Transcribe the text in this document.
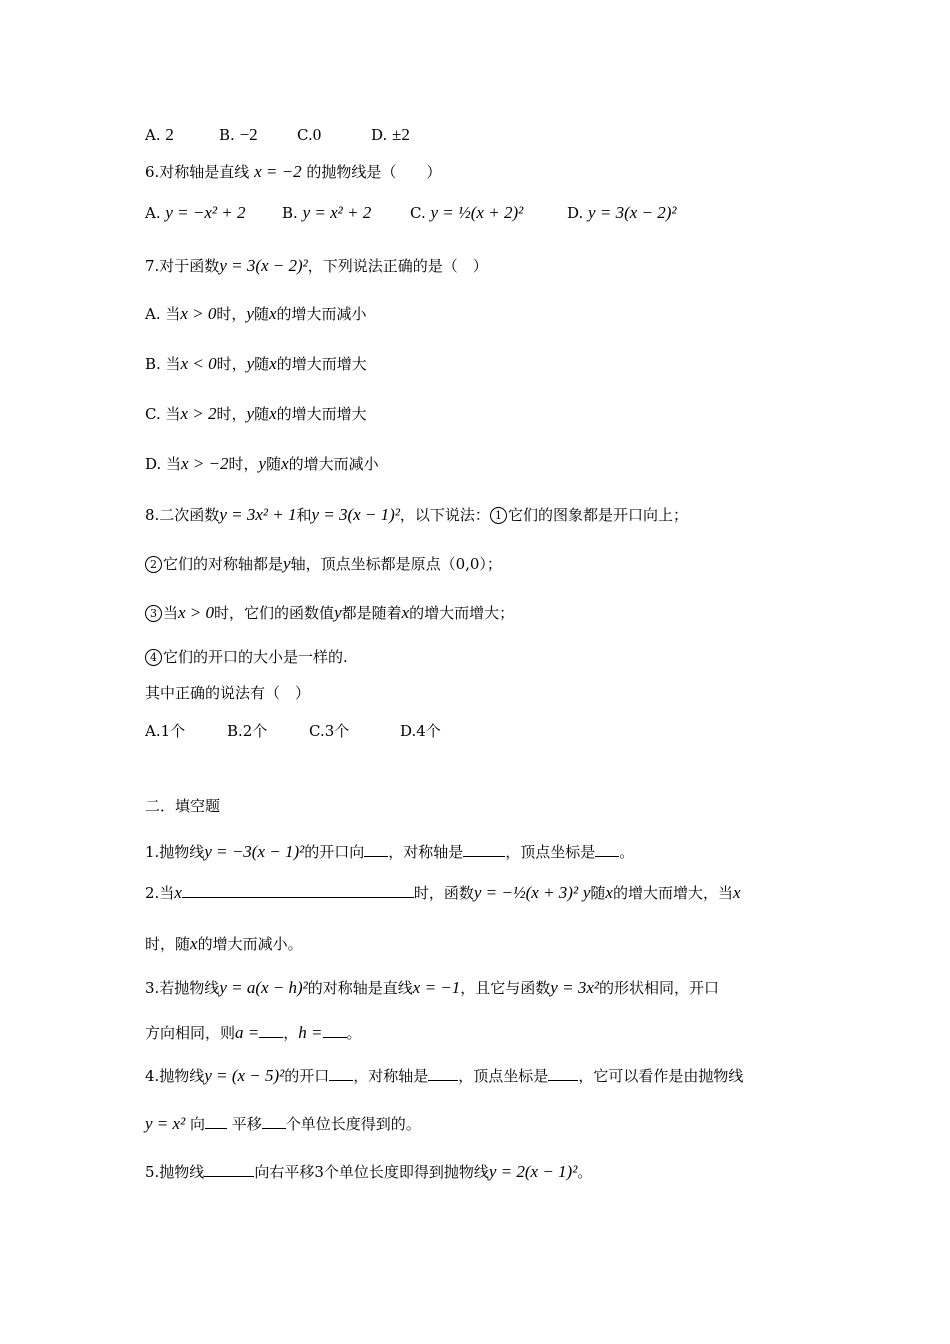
A. 2	B. −2	C.0	D. ±2
6.对称轴是直线 x = −2 的抛物线是（　　）
A. y = −x² + 2 B. y = x² + 2	C. y = ½(x + 2)²	D. y = 3(x − 2)²
7.对于函数y = 3(x − 2)²，下列说法正确的是（　）
A. 当x > 0时，y随x的增大而减小
B. 当x < 0时，y随x的增大而增大
C. 当x > 2时，y随x的增大而增大
D. 当x > −2时，y随x的增大而减小
8.二次函数y = 3x² + 1和y = 3(x − 1)²，以下说法： 1 它们的图象都是开口向上；
2 它们的对称轴都是y轴，顶点坐标都是原点（0,0）；
3 当x > 0时，它们的函数值y都是随着x的增大而增大；
4 它们的开口的大小是一样的.
其中正确的说法有（　）
A.1个	B.2个	C.3个	D.4个
二．填空题
1.抛物线y = −3(x − 1)²的开口向 ，对称轴是	，顶点坐标是 。
2.当x	时，函数y = −½(x + 3)² y随x的增大而增大，当x
时，随x的增大而减小。
3.若抛物线y = a(x − h)²的对称轴是直线x = −1，且它与函数y = 3x²的形状相同，开口
方向相同，则a = ，h = 。
4.抛物线y = (x − 5)²的开口 ，对称轴是 ，顶点坐标是 ，它可以看作是由抛物线
y = x² 向 平移 个单位长度得到的。
5.抛物线	向右平移3个单位长度即得到抛物线y = 2(x − 1)²。
